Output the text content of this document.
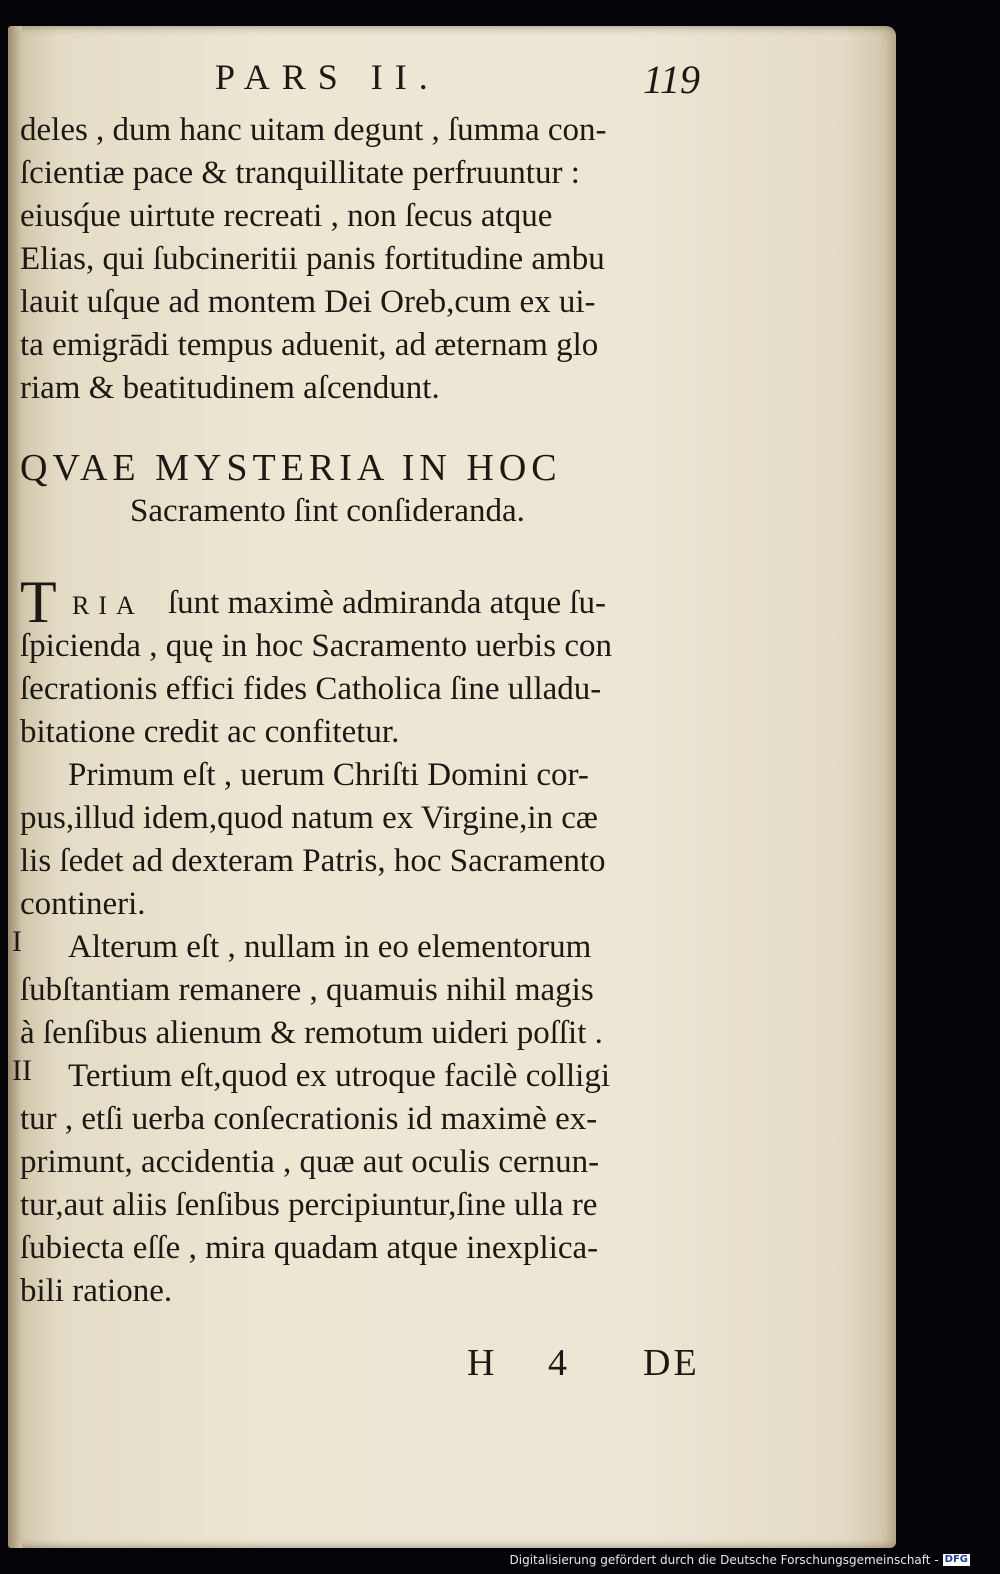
PARS II.	119
deles , dum hanc uitam degunt , ſumma con-
ſcientiæ pace & tranquillitate perfruuntur :
eiusq́ue uirtute recreati , non ſecus atque
Elias, qui ſubcineritii panis fortitudine ambu
lauit uſque ad montem Dei Oreb,cum ex ui-
ta emigrādi tempus aduenit, ad æternam glo
riam & beatitudinem aſcendunt.
QVAE MYSTERIA IN HOC
Sacramento ſint conſideranda.
T RIA ſunt maximè admiranda atque ſu-
ſpicienda , quę in hoc Sacramento uerbis con
ſecrationis effici fides Catholica ſine ulladu-
bitatione credit ac confitetur.
Primum eſt , uerum Chriſti Domini cor-
pus,illud idem,quod natum ex Virgine,in cæ
lis ſedet ad dexteram Patris, hoc Sacramento
contineri.
I Alterum eſt , nullam in eo elementorum
ſubſtantiam remanere , quamuis nihil magis
à ſenſibus alienum & remotum uideri poſſit .
II Tertium eſt,quod ex utroque facilè colligi
tur , etſi uerba conſecrationis id maximè ex-
primunt, accidentia , quæ aut oculis cernun-
tur,aut aliis ſenſibus percipiuntur,ſine ulla re
ſubiecta eſſe , mira quadam atque inexplica-
bili ratione.
H 4 DE
Digitalisierung gefördert durch die Deutsche Forschungsgemeinschaft - DFG
